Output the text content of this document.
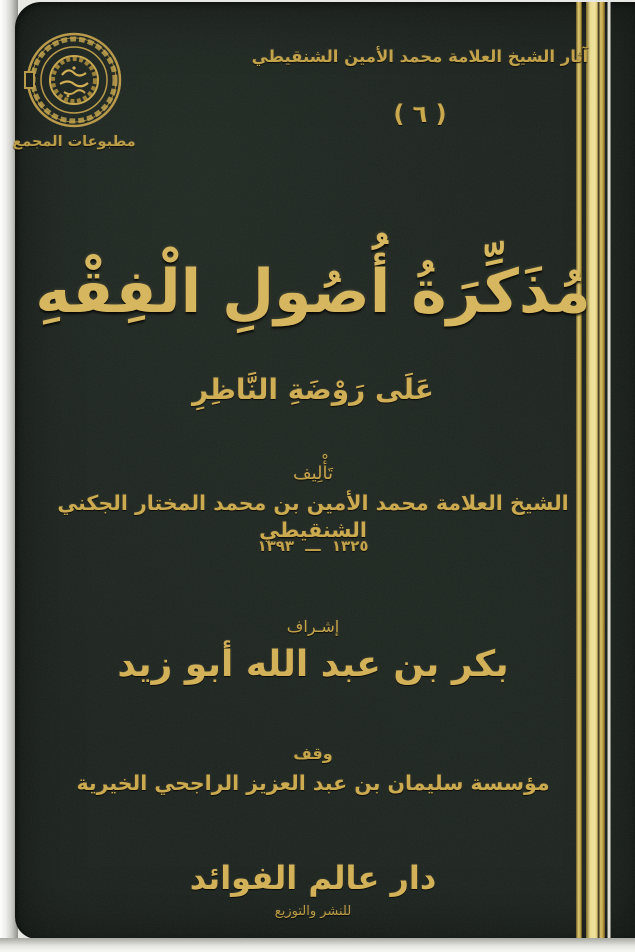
مطبوعات المجمع
آثار الشيخ العلامة محمد الأمين الشنقيطي
( ٦ )
مُذَكِّرَةُ أُصُولِ الْفِقْهِ
عَلَى رَوْضَةِ النَّاظِرِ
تَأْلِيف
الشيخ العلامة محمد الأمين بن محمد المختار الجكني الشنقيطي
١٣٢٥ ـــ ١٣٩٣
إشـراف
بكر بن عبد الله أبو زيد
وقف
مؤسسة سليمان بن عبد العزيز الراجحي الخيرية
دار عالم الفوائد
للنشر والتوزيع
